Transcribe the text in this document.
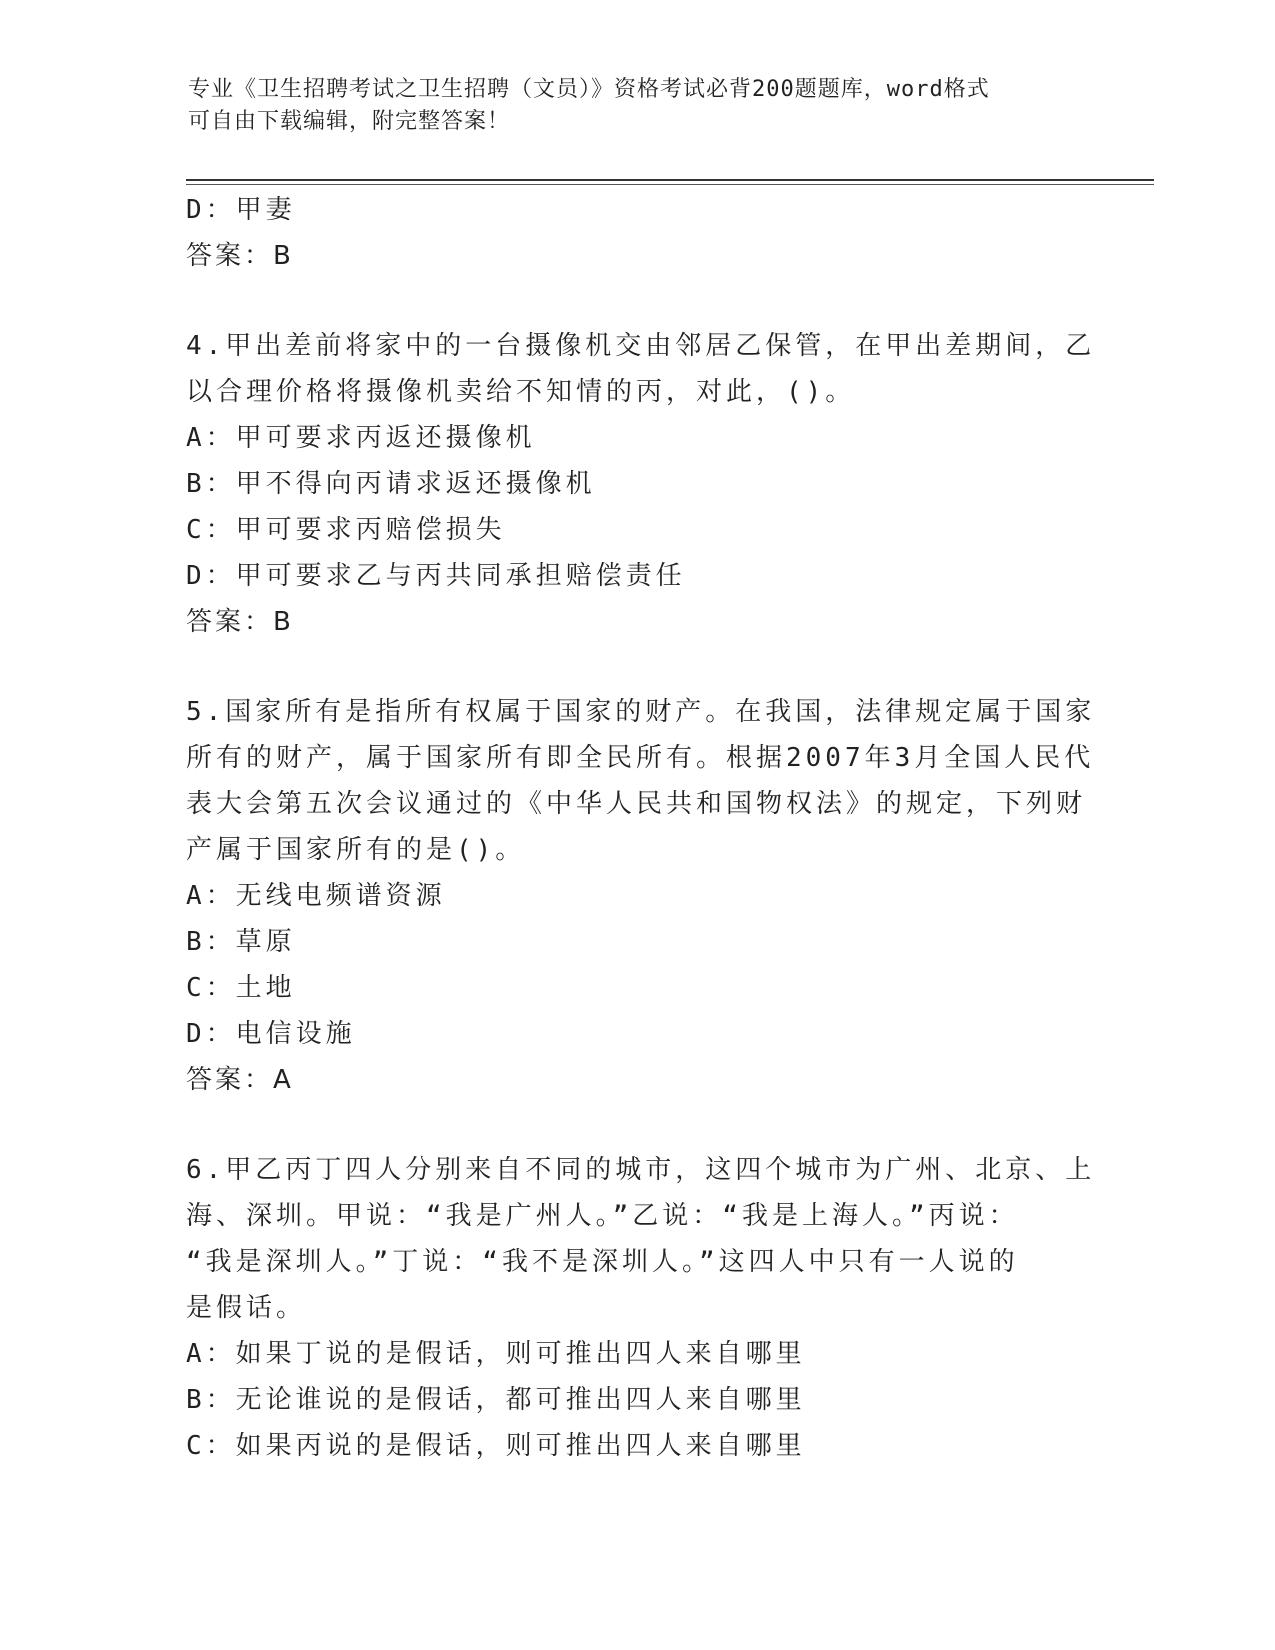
专业《卫生招聘考试之卫生招聘（文员）》资格考试必背200题题库，word格式
可自由下载编辑，附完整答案！
D：甲妻
答案：B
4.甲出差前将家中的一台摄像机交由邻居乙保管，在甲出差期间，乙
以合理价格将摄像机卖给不知情的丙，对此，()。
A：甲可要求丙返还摄像机
B：甲不得向丙请求返还摄像机
C：甲可要求丙赔偿损失
D：甲可要求乙与丙共同承担赔偿责任
答案：B
5.国家所有是指所有权属于国家的财产。在我国，法律规定属于国家
所有的财产，属于国家所有即全民所有。根据2007年3月全国人民代
表大会第五次会议通过的《中华人民共和国物权法》的规定，下列财
产属于国家所有的是()。
A：无线电频谱资源
B：草原
C：土地
D：电信设施
答案：A
6.甲乙丙丁四人分别来自不同的城市，这四个城市为广州、北京、上
海、深圳。甲说：“我是广州人。”乙说：“我是上海人。”丙说：
“我是深圳人。”丁说：“我不是深圳人。”这四人中只有一人说的
是假话。
A：如果丁说的是假话，则可推出四人来自哪里
B：无论谁说的是假话，都可推出四人来自哪里
C：如果丙说的是假话，则可推出四人来自哪里
